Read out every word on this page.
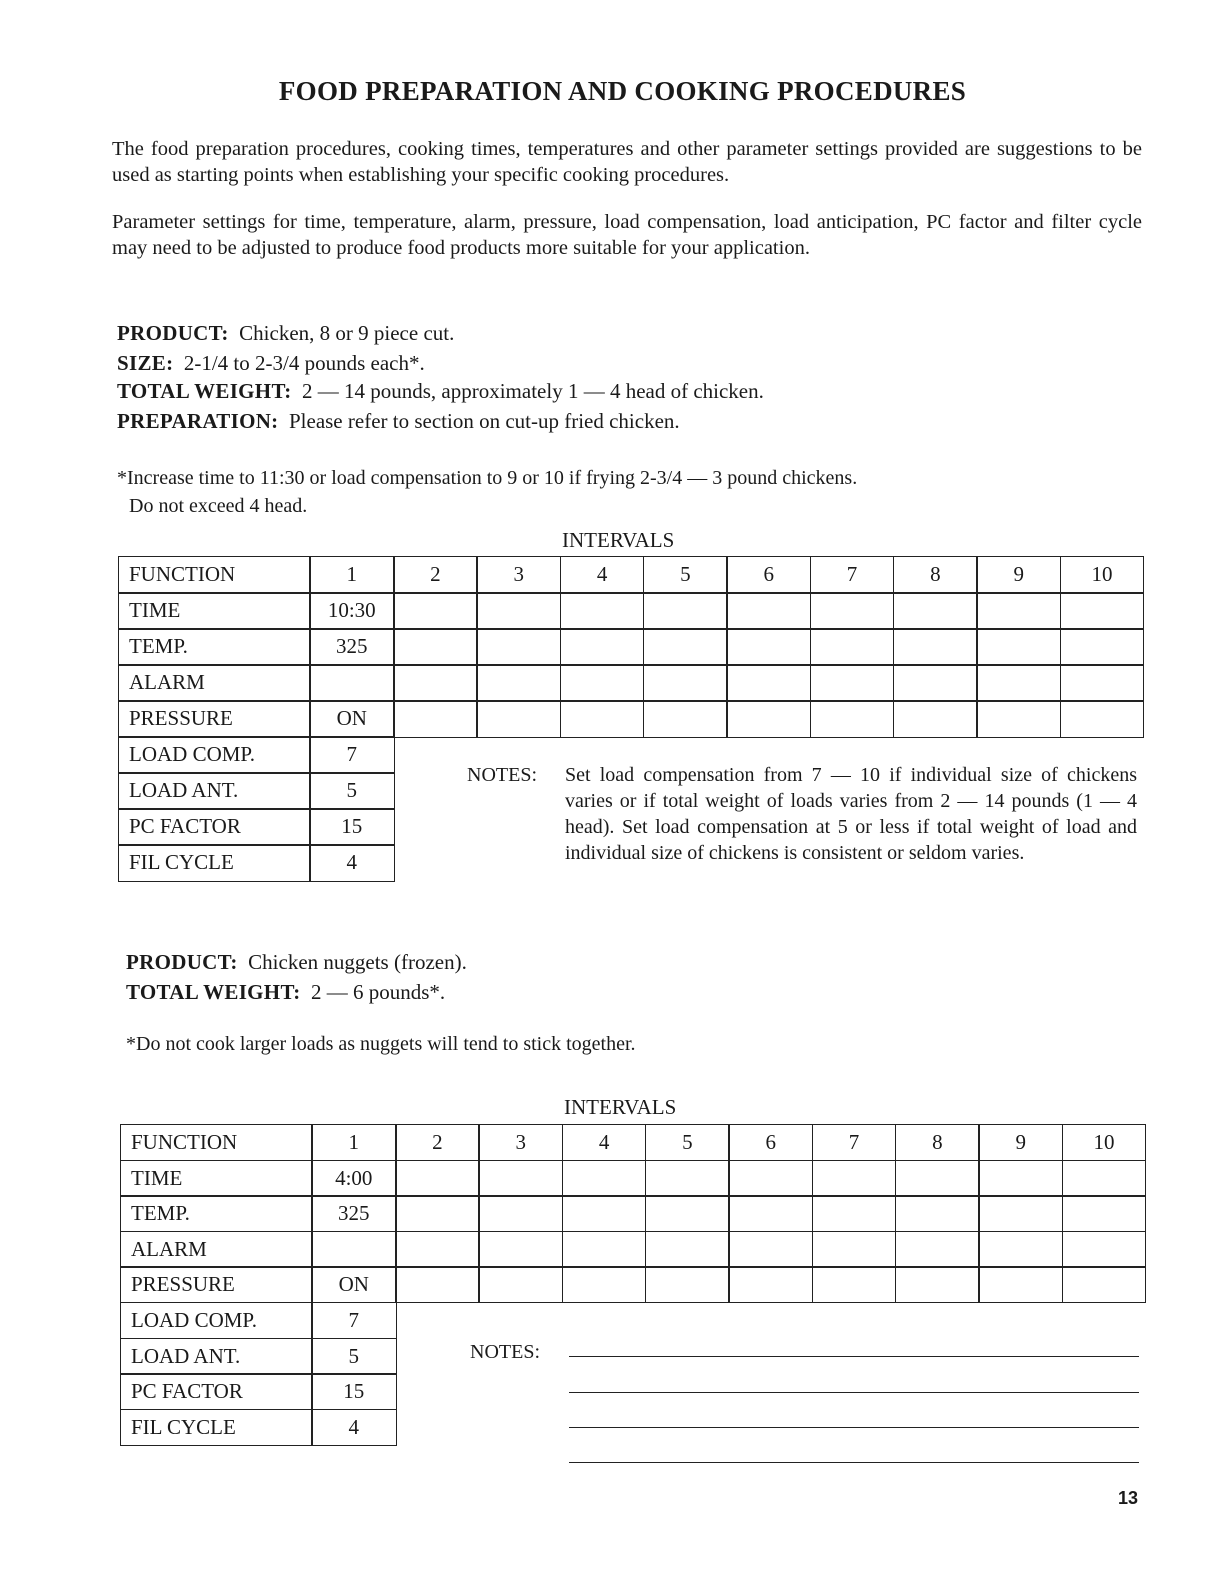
FOOD PREPARATION AND COOKING PROCEDURES
The food preparation procedures, cooking times, temperatures and other parameter settings provided are suggestions to be used as starting points when establishing your specific cooking procedures.
Parameter settings for time, temperature, alarm, pressure, load compensation, load anticipation, PC factor and filter cycle may need to be adjusted to produce food products more suitable for your application.
PRODUCT: Chicken, 8 or 9 piece cut.
SIZE: 2-1/4 to 2-3/4 pounds each*.
TOTAL WEIGHT: 2 — 14 pounds, approximately 1 — 4 head of chicken.
PREPARATION: Please refer to section on cut-up fried chicken.
*Increase time to 11:30 or load compensation to 9 or 10 if frying 2-3/4 — 3 pound chickens.
Do not exceed 4 head.
INTERVALS
FUNCTION	1	2	3	4	5	6	7	8	9	10
TIME	10:30
TEMP.	325
ALARM
PRESSURE	ON
LOAD COMP.	7
LOAD ANT.	5
PC FACTOR	15
FIL CYCLE	4
NOTES: Set load compensation from 7 — 10 if individual size of chickens varies or if total weight of loads varies from 2 — 14 pounds (1 — 4 head). Set load compensation at 5 or less if total weight of load and individual size of chickens is consistent or seldom varies.
PRODUCT: Chicken nuggets (frozen).
TOTAL WEIGHT: 2 — 6 pounds*.
*Do not cook larger loads as nuggets will tend to stick together.
INTERVALS
FUNCTION	1	2	3	4	5	6	7	8	9	10
TIME	4:00
TEMP.	325
ALARM
PRESSURE	ON
LOAD COMP.	7
LOAD ANT.	5
PC FACTOR	15
FIL CYCLE	4
NOTES:
13
